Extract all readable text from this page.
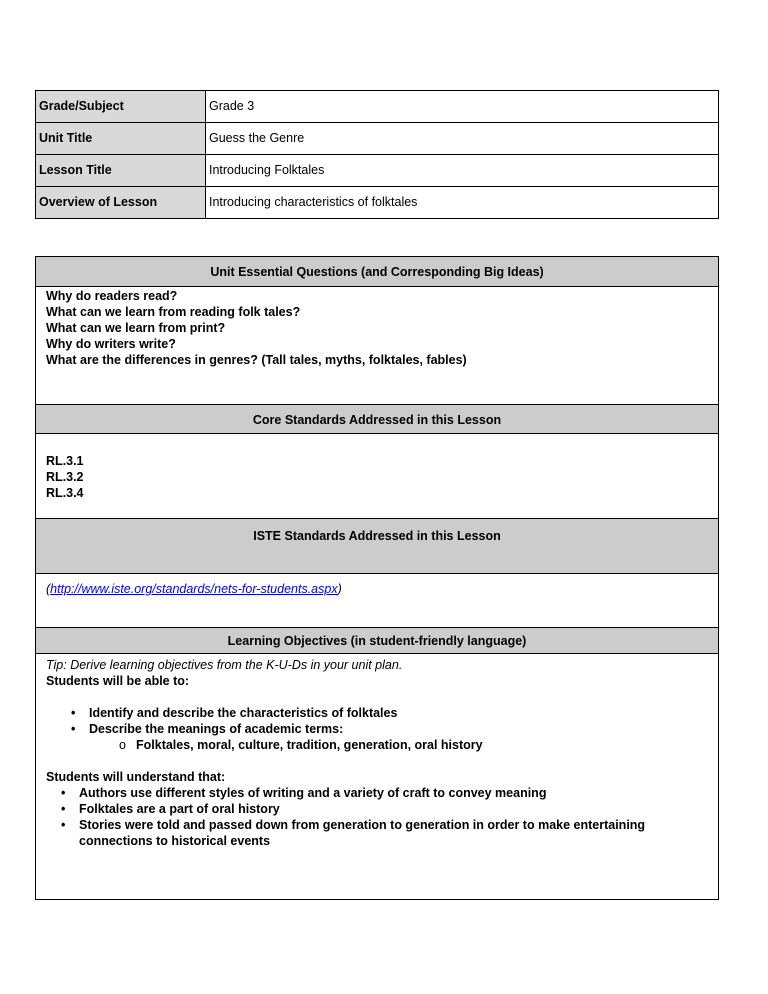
Grade/Subject	Grade 3
Unit Title	Guess the Genre
Lesson Title	Introducing Folktales
Overview of Lesson	Introducing characteristics of folktales
Unit Essential Questions (and Corresponding Big Ideas)

Why do readers read?
What can we learn from reading folk tales?
What can we learn from print?
Why do writers write?
What are the differences in genres? (Tall tales, myths, folktales, fables)

Core Standards Addressed in this Lesson

RL.3.1
RL.3.2
RL.3.4

ISTE Standards Addressed in this Lesson
(http://www.iste.org/standards/nets-for-students.aspx)
Learning Objectives (in student-friendly language)

Tip: Derive learning objectives from the K-U-Ds in your unit plan.
Students will be able to:
• Identify and describe the characteristics of folktales
• Describe the meanings of academic terms:
o Folktales, moral, culture, tradition, generation, oral history
Students will understand that:
• Authors use different styles of writing and a variety of craft to convey meaning
• Folktales are a part of oral history
• Stories were told and passed down from generation to generation in order to make entertaining connections to historical events
